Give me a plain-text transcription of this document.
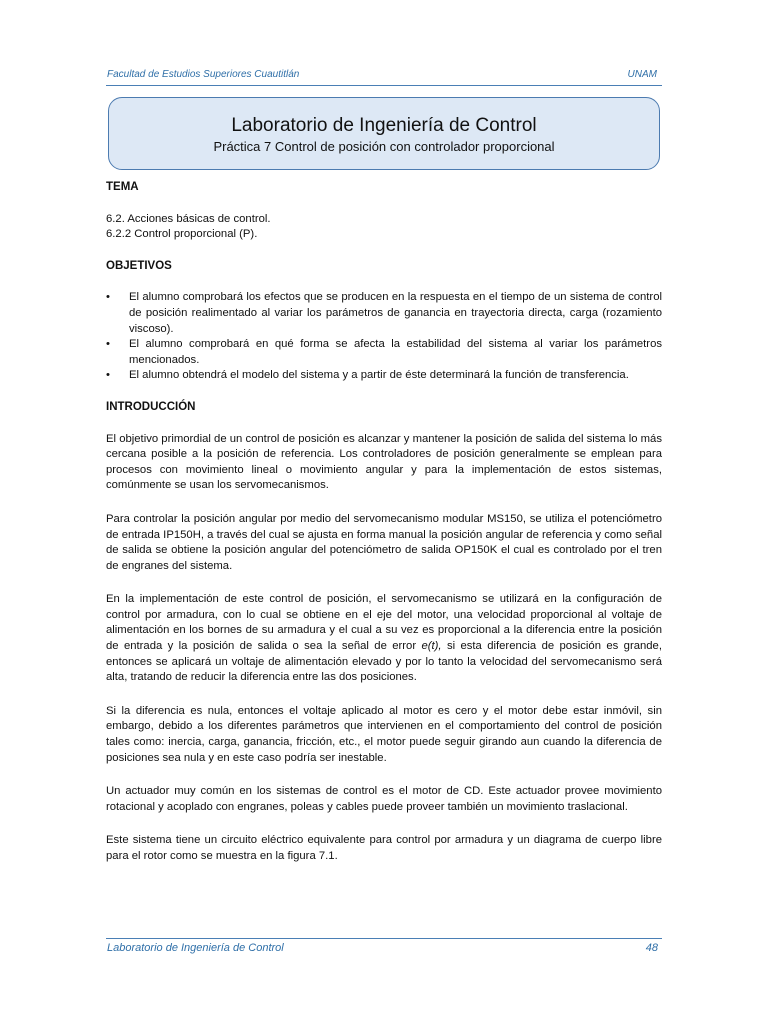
Facultad de Estudios Superiores Cuautitlán	UNAM
Laboratorio de Ingeniería de Control
Práctica 7 Control de posición con controlador proporcional

TEMA

6.2. Acciones básicas de control.

6.2.2 Control proporcional (P).

OBJETIVOS

• El alumno comprobará los efectos que se producen en la respuesta en el tiempo de un sistema de control de posición realimentado al variar los parámetros de ganancia en trayectoria directa, carga (rozamiento viscoso).
• El alumno comprobará en qué forma se afecta la estabilidad del sistema al variar los parámetros mencionados.
• El alumno obtendrá el modelo del sistema y a partir de éste determinará la función de transferencia.

INTRODUCCIÓN

El objetivo primordial de un control de posición es alcanzar y mantener la posición de salida del sistema lo más cercana posible a la posición de referencia. Los controladores de posición generalmente se emplean para procesos con movimiento lineal o movimiento angular y para la implementación de estos sistemas, comúnmente se usan los servomecanismos.

Para controlar la posición angular por medio del servomecanismo modular MS150, se utiliza el potenciómetro de entrada IP150H, a través del cual se ajusta en forma manual la posición angular de referencia y como señal de salida se obtiene la posición angular del potenciómetro de salida OP150K el cual es controlado por el tren de engranes del sistema.

En la implementación de este control de posición, el servomecanismo se utilizará en la configuración de control por armadura, con lo cual se obtiene en el eje del motor, una velocidad proporcional al voltaje de alimentación en los bornes de su armadura y el cual a su vez es proporcional a la diferencia entre la posición de entrada y la posición de salida o sea la señal de error e(t), si esta diferencia de posición es grande, entonces se aplicará un voltaje de alimentación elevado y por lo tanto la velocidad del servomecanismo será alta, tratando de reducir la diferencia entre las dos posiciones.

Si la diferencia es nula, entonces el voltaje aplicado al motor es cero y el motor debe estar inmóvil, sin embargo, debido a los diferentes parámetros que intervienen en el comportamiento del control de posición tales como: inercia, carga, ganancia, fricción, etc., el motor puede seguir girando aun cuando la diferencia de posiciones sea nula y en este caso podría ser inestable.

Un actuador muy común en los sistemas de control es el motor de CD. Este actuador provee movimiento rotacional y acoplado con engranes, poleas y cables puede proveer también un movimiento traslacional.

Este sistema tiene un circuito eléctrico equivalente para control por armadura y un diagrama de cuerpo libre para el rotor como se muestra en la figura 7.1.

Laboratorio de Ingeniería de Control	48
